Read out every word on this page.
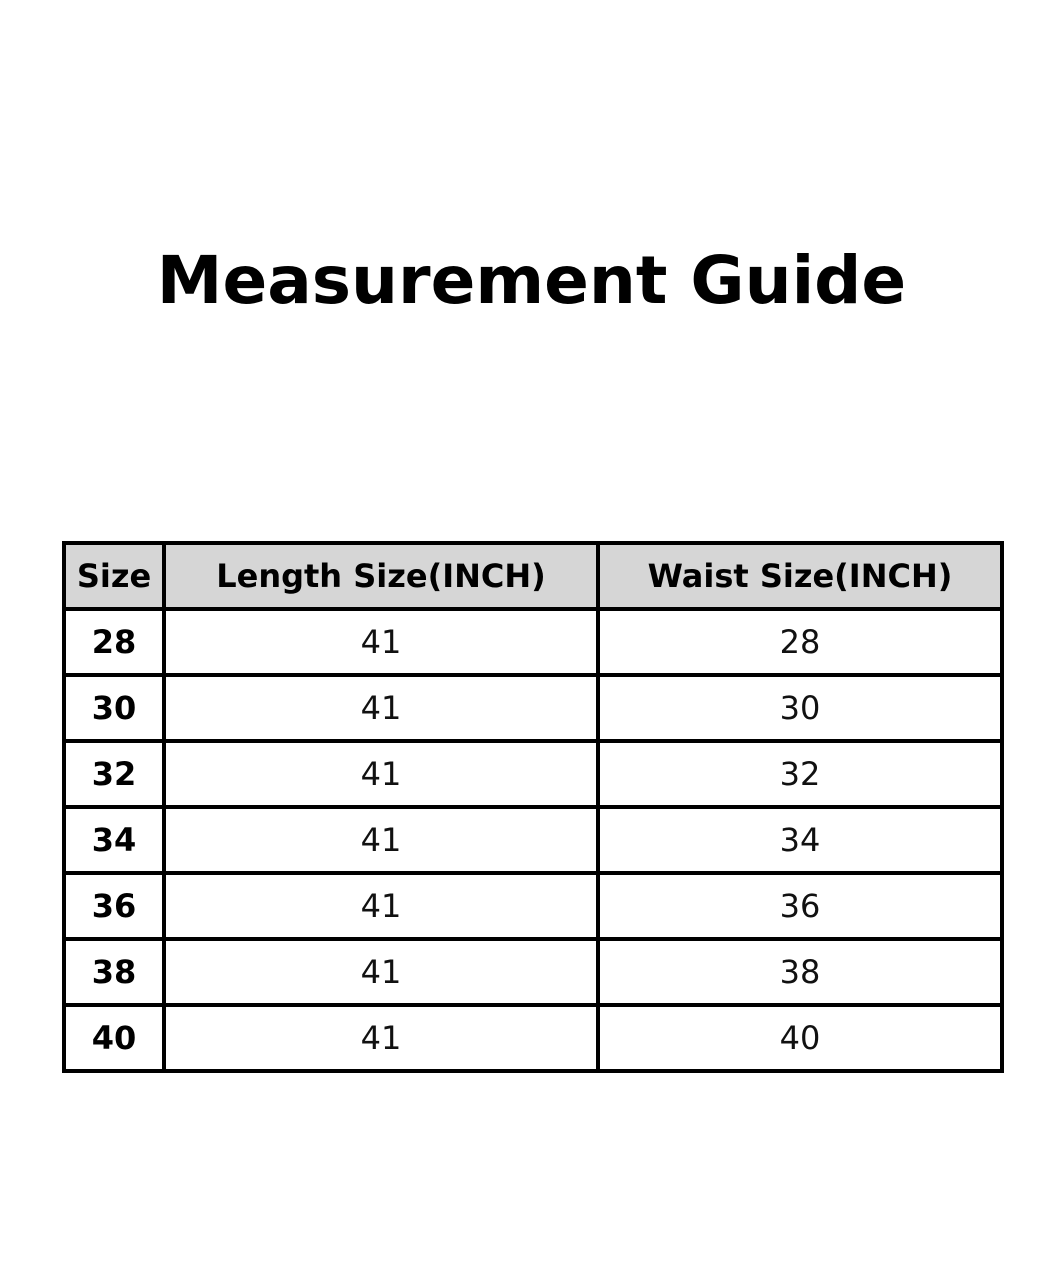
Measurement Guide
Size	Length Size(INCH)	Waist Size(INCH)
28	41	28
30	41	30
32	41	32
34	41	34
36	41	36
38	41	38
40	41	40
